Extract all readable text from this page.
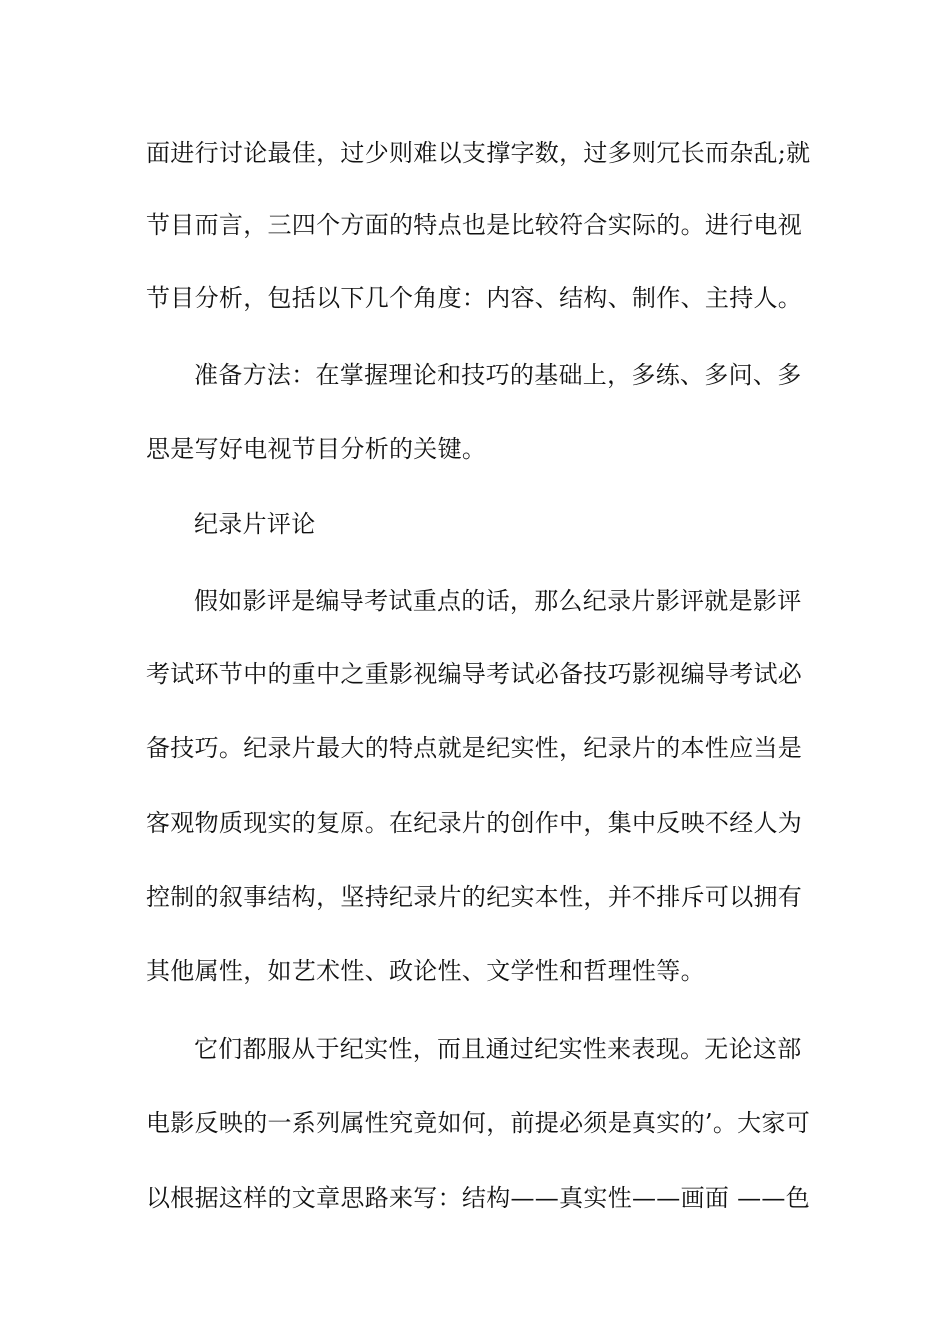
面进行讨论最佳，过少则难以支撑字数，过多则冗长而杂乱;就
节目而言，三四个方面的特点也是比较符合实际的。进行电视
节目分析，包括以下几个角度：内容、结构、制作、主持人。
准备方法：在掌握理论和技巧的基础上，多练、多问、多
思是写好电视节目分析的关键。
纪录片评论
假如影评是编导考试重点的话，那么纪录片影评就是影评
考试环节中的重中之重影视编导考试必备技巧影视编导考试必
备技巧。纪录片最大的特点就是纪实性，纪录片的本性应当是
客观物质现实的复原。在纪录片的创作中，集中反映不经人为
控制的叙事结构，坚持纪录片的纪实本性，并不排斥可以拥有
其他属性，如艺术性、政论性、文学性和哲理性等。
它们都服从于纪实性，而且通过纪实性来表现。无论这部
电影反映的一系列属性究竟如何，前提必须是真实的’。大家可
以根据这样的文章思路来写：结构——真实性——画面 ——色
